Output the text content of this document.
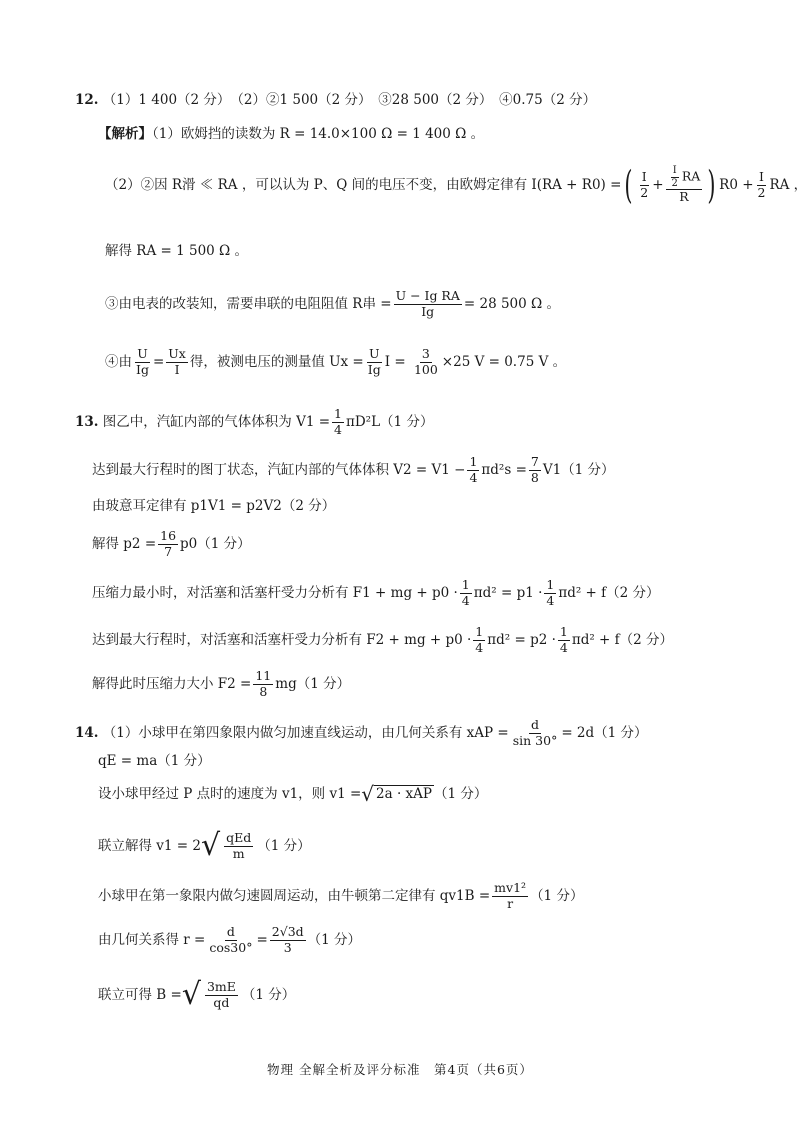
12. （1）1 400（2 分）　（2）②1 500（2 分）　③28 500（2 分）　④0.75（2 分）
【解析】（1）欧姆挡的读数为 R = 14.0×100 Ω = 1 400 Ω 。
（2）②因 R滑 ≪ RA ，可以认为 P、Q 间的电压不变，由欧姆定律有
I(RA + R0) = ( $\frac{I}{2} + \frac{\frac{I}{2} RA}{R}$ ) $R0 + \frac{I}{2}$ RA ，
解得 RA = 1 500 Ω 。
③由电表的改装知，需要串联的电阻阻值 R串 = $\frac{\text{U − Ig RA}}{Ig} = 28$ 500 Ω 。
④由 $\frac{U}{Ig} = \frac{Ux}{I}$ 得，被测电压的测量值 $Ux = \frac{U}{Ig}$ I =
$\frac{3}{100} \times 25$ V = 0.75 V 。
13.
图乙中，汽缸内部的气体体积为 $V1 = \frac{1}{4} \pi D^2L(1$ 分）
达到最大行程时的图丁状态，汽缸内部的气体体积 $V2 = V1 - \frac{1}{4} \pi d^2s = \frac{7}{8} V1(1$ 分）
由玻意耳定律有 p1V1 = p2V2（2 分）
解得 $p2 = \frac{16}{7} p0(1$ 分）
压缩力最小时，对活塞和活塞杆受力分析有 F1 + mg + $p0 \cdot \frac{1}{4} \pi d^2 = p1 \cdot \frac{1}{4} \pi d^2 + f(2$ 分）
达到最大行程时，对活塞和活塞杆受力分析有 F2 + mg + $p0 \cdot \frac{1}{4} \pi d^2 = p2 \cdot \frac{1}{4} \pi d^2 + f(2$ 分）
解得此时压缩力大小 $F2 = \frac{11}{8} mg(1$ 分）
14.
（1）小球甲在第四象限内做匀加速直线运动，由几何关系有 xAP = $\frac{d}{\sin 30^\circ} = 2d(1$ 分）
qE = ma（1 分）
设小球甲经过 P 点时的速度为 v1，则 v1 = √ 2a · xAP （1 分）
联立解得 v1 = 2 √ $\frac{\text{qEd}}{m} (1$ 分）
小球甲在第一象限内做匀速圆周运动，由牛顿第二定律有 $qv1B = \frac{\text{mv1²}}{r} (1$ 分）
由几何关系得 $r = \frac{d}{\cos 30^\circ} = \frac{2√3d}{3} (1$ 分）
联立可得 B = √ $\frac{3mE}{qd} (1$ 分）
物理 全解全析及评分标准　第4页（共6页）
